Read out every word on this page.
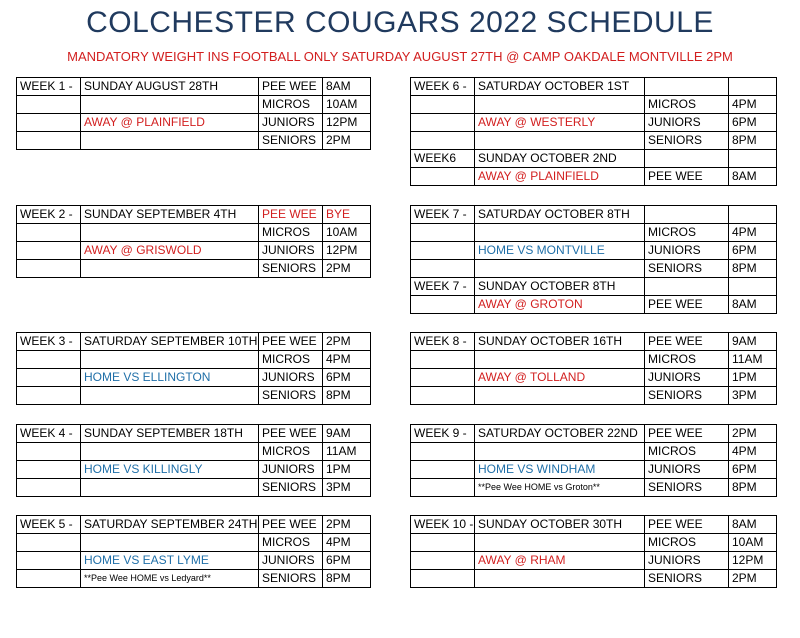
COLCHESTER COUGARS 2022 SCHEDULE
MANDATORY WEIGHT INS FOOTBALL ONLY SATURDAY AUGUST 27TH @ CAMP OAKDALE MONTVILLE 2PM
WEEK 1 -	SUNDAY AUGUST 28TH	PEE WEE	8AM
		MICROS	10AM
	AWAY @ PLAINFIELD	JUNIORS	12PM
		SENIORS	2PM
WEEK 2 -	SUNDAY SEPTEMBER 4TH	PEE WEE	BYE
		MICROS	10AM
	AWAY @ GRISWOLD	JUNIORS	12PM
		SENIORS	2PM
WEEK 3 -	SATURDAY SEPTEMBER 10TH	PEE WEE	2PM
		MICROS	4PM
	HOME VS ELLINGTON	JUNIORS	6PM
		SENIORS	8PM
WEEK 4 -	SUNDAY SEPTEMBER 18TH	PEE WEE	9AM
		MICROS	11AM
	HOME VS KILLINGLY	JUNIORS	1PM
		SENIORS	3PM
WEEK 5 -	SATURDAY SEPTEMBER 24TH	PEE WEE	2PM
		MICROS	4PM
	HOME VS EAST LYME	JUNIORS	6PM
	**Pee Wee HOME vs Ledyard**	SENIORS	8PM
WEEK 6 -	SATURDAY OCTOBER 1ST		
		MICROS	4PM
	AWAY @ WESTERLY	JUNIORS	6PM
		SENIORS	8PM
WEEK6	SUNDAY OCTOBER 2ND		
	AWAY @ PLAINFIELD	PEE WEE	8AM
WEEK 7 -	SATURDAY OCTOBER 8TH		
		MICROS	4PM
	HOME VS MONTVILLE	JUNIORS	6PM
		SENIORS	8PM
WEEK 7 -	SUNDAY OCTOBER 8TH		
	AWAY @ GROTON	PEE WEE	8AM
WEEK 8 -	SUNDAY OCTOBER 16TH	PEE WEE	9AM
		MICROS	11AM
	AWAY @ TOLLAND	JUNIORS	1PM
		SENIORS	3PM
WEEK 9 -	SATURDAY OCTOBER 22ND	PEE WEE	2PM
		MICROS	4PM
	HOME VS WINDHAM	JUNIORS	6PM
	**Pee Wee HOME vs Groton**	SENIORS	8PM
WEEK 10 -	SUNDAY OCTOBER 30TH	PEE WEE	8AM
		MICROS	10AM
	AWAY @ RHAM	JUNIORS	12PM
		SENIORS	2PM
